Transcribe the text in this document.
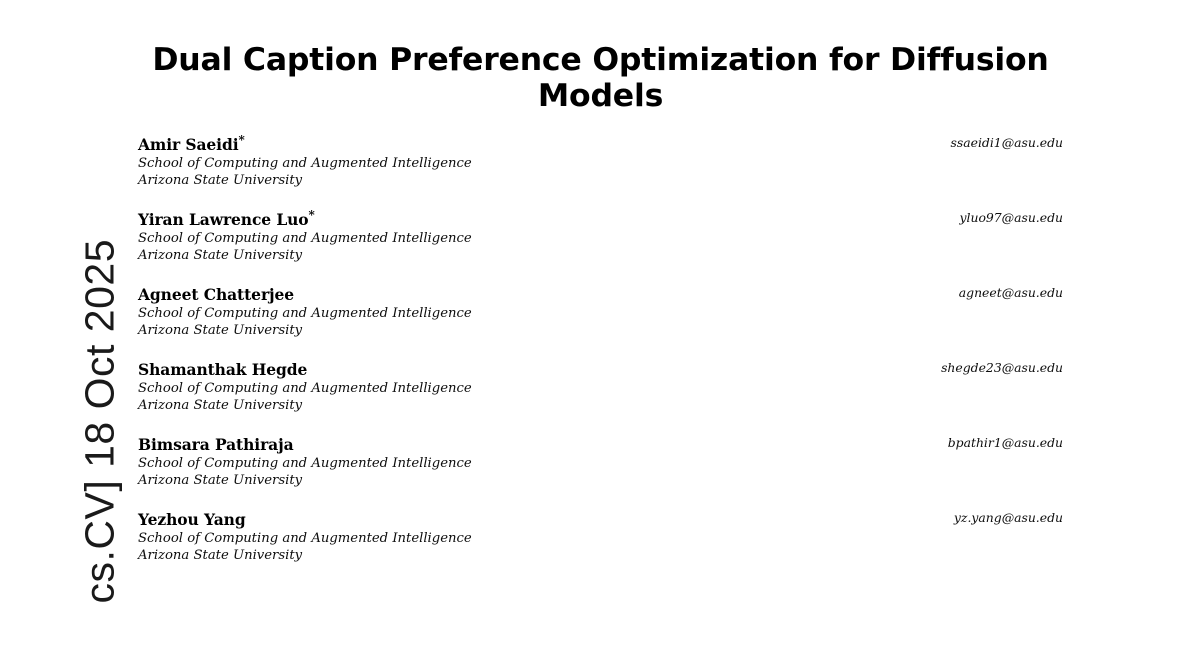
cs.CV] 18 Oct 2025
Dual Caption Preference Optimization for Diffusion Models
Amir Saeidi*
School of Computing and Augmented Intelligence
Arizona State University
ssaeidi1@asu.edu
Yiran Lawrence Luo*
School of Computing and Augmented Intelligence
Arizona State University
yluo97@asu.edu
Agneet Chatterjee
School of Computing and Augmented Intelligence
Arizona State University
agneet@asu.edu
Shamanthak Hegde
School of Computing and Augmented Intelligence
Arizona State University
shegde23@asu.edu
Bimsara Pathiraja
School of Computing and Augmented Intelligence
Arizona State University
bpathir1@asu.edu
Yezhou Yang
School of Computing and Augmented Intelligence
Arizona State University
yz.yang@asu.edu
